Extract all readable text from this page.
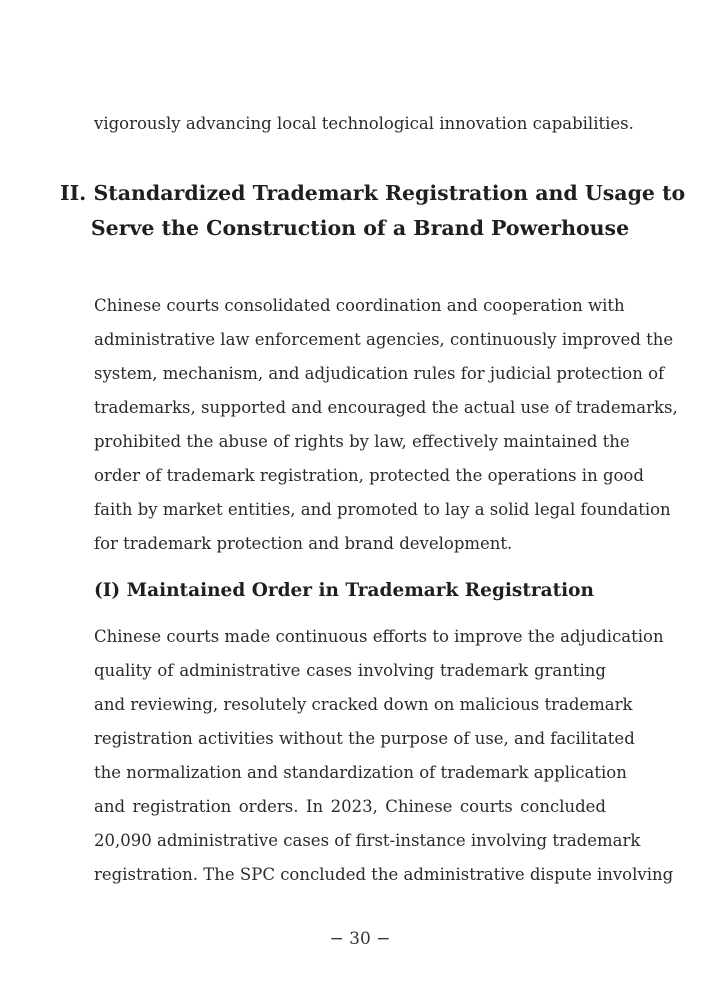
vigorously advancing local technological innovation capabilities.
II. Standardized Trademark Registration and Usage to
Serve the Construction of a Brand Powerhouse
Chinese courts consolidated coordination and cooperation with
administrative law enforcement agencies, continuously improved the
system, mechanism, and adjudication rules for judicial protection of
trademarks, supported and encouraged the actual use of trademarks,
prohibited the abuse of rights by law, effectively maintained the
order of trademark registration, protected the operations in good
faith by market entities, and promoted to lay a solid legal foundation
for trademark protection and brand development.
(I) Maintained Order in Trademark Registration
Chinese courts made continuous efforts to improve the adjudication
quality of administrative cases involving trademark granting
and reviewing, resolutely cracked down on malicious trademark
registration activities without the purpose of use, and facilitated
the normalization and standardization of trademark application
and registration orders. In 2023, Chinese courts concluded
20,090 administrative cases of first-instance involving trademark
registration. The SPC concluded the administrative dispute involving
− 30 −
